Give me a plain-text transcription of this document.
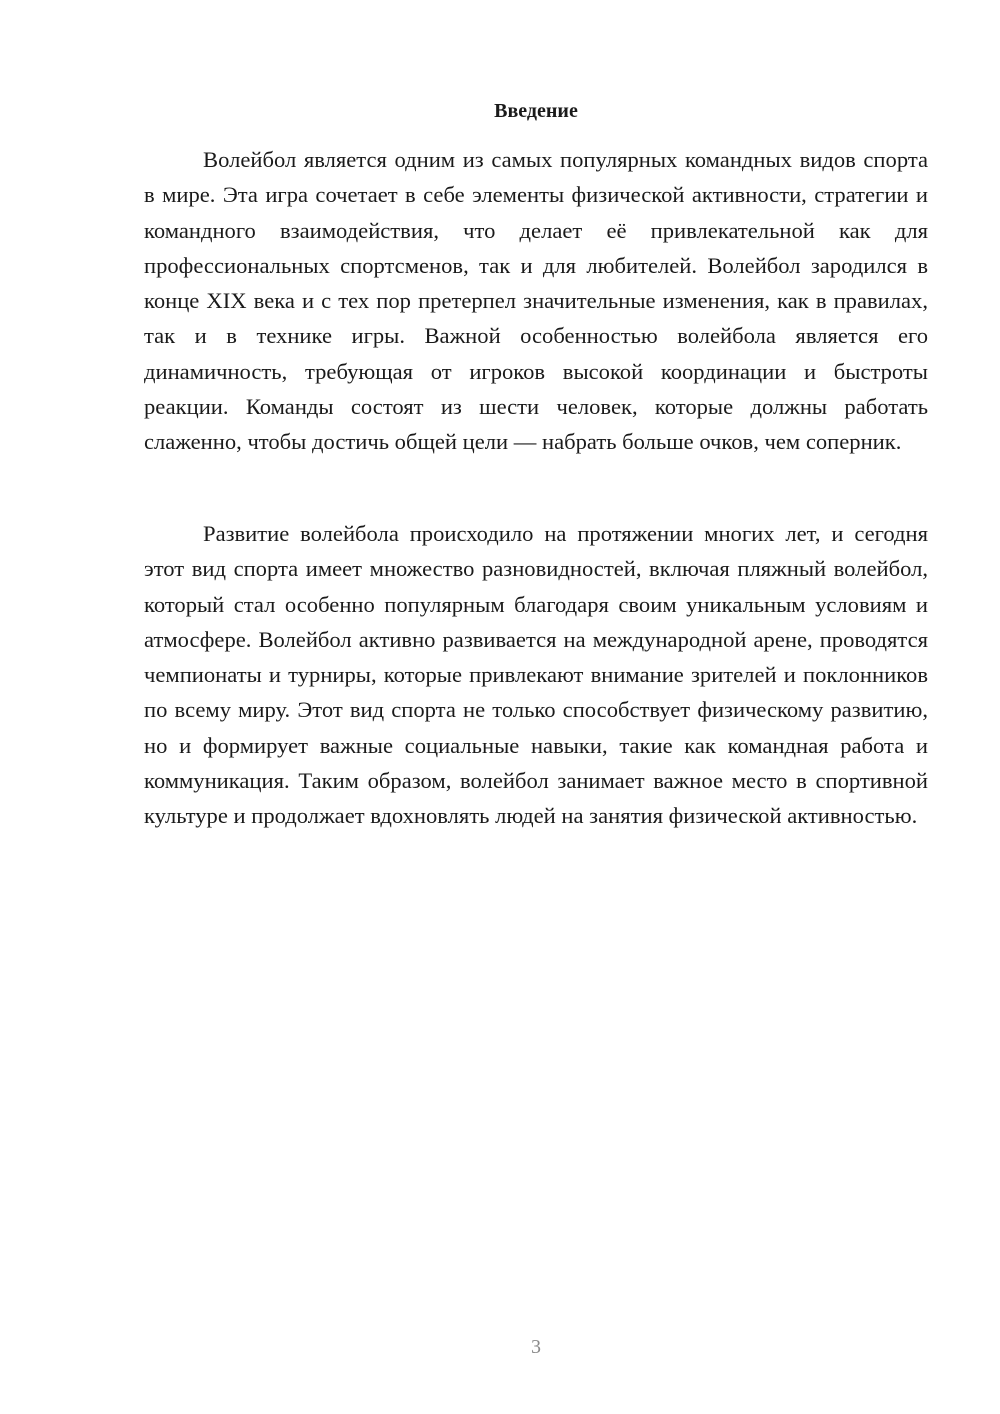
Введение

Волейбол является одним из самых популярных командных видов спорта в мире. Эта игра сочетает в себе элементы физической активности, стратегии и командного взаимодействия, что делает её привлекательной как для профессиональных спортсменов, так и для любителей. Волейбол зародился в конце XIX века и с тех пор претерпел значительные изменения, как в правилах, так и в технике игры. Важной особенностью волейбола является его динамичность, требующая от игроков высокой координации и быстроты реакции. Команды состоят из шести человек, которые должны работать слаженно, чтобы достичь общей цели — набрать больше очков, чем соперник.

Развитие волейбола происходило на протяжении многих лет, и сегодня этот вид спорта имеет множество разновидностей, включая пляжный волейбол, который стал особенно популярным благодаря своим уникальным условиям и атмосфере. Волейбол активно развивается на международной арене, проводятся чемпионаты и турниры, которые привлекают внимание зрителей и поклонников по всему миру. Этот вид спорта не только способствует физическому развитию, но и формирует важные социальные навыки, такие как командная работа и коммуникация. Таким образом, волейбол занимает важное место в спортивной культуре и продолжает вдохновлять людей на занятия физической активностью.

3
